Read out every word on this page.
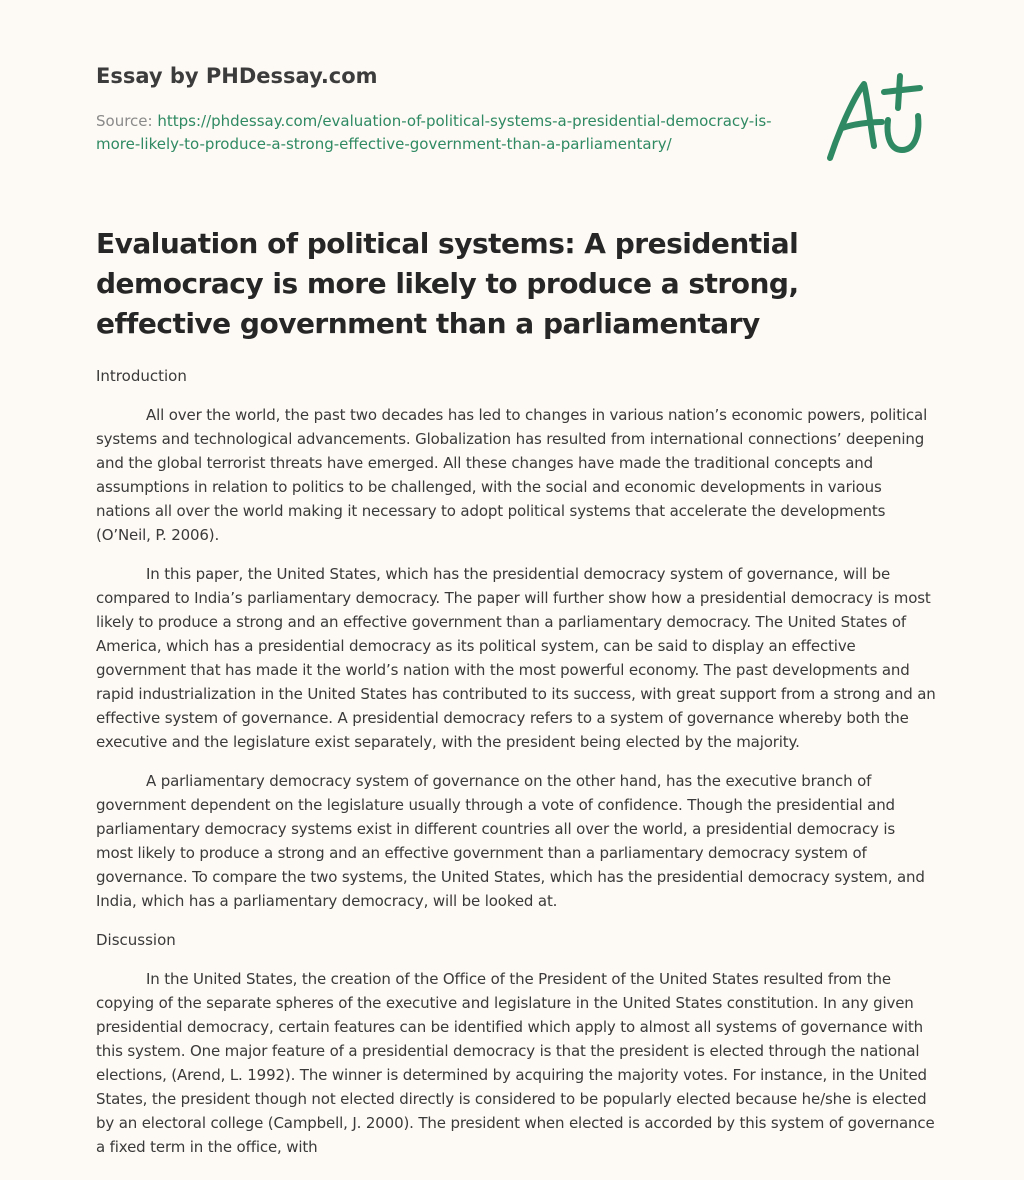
Essay by PHDessay.com
Source: https://phdessay.com/evaluation-of-political-systems-a-presidential-democracy-is-more-likely-to-produce-a-strong-effective-government-than-a-parliamentary/
Evaluation of political systems: A presidential democracy is more likely to produce a strong, effective government than a parliamentary
Introduction

All over the world, the past two decades has led to changes in various nation’s economic powers, political systems and technological advancements. Globalization has resulted from international connections’ deepening and the global terrorist threats have emerged. All these changes have made the traditional concepts and assumptions in relation to politics to be challenged, with the social and economic developments in various nations all over the world making it necessary to adopt political systems that accelerate the developments (O’Neil, P. 2006).

In this paper, the United States, which has the presidential democracy system of governance, will be compared to India’s parliamentary democracy. The paper will further show how a presidential democracy is most likely to produce a strong and an effective government than a parliamentary democracy. The United States of America, which has a presidential democracy as its political system, can be said to display an effective government that has made it the world’s nation with the most powerful economy. The past developments and rapid industrialization in the United States has contributed to its success, with great support from a strong and an effective system of governance. A presidential democracy refers to a system of governance whereby both the executive and the legislature exist separately, with the president being elected by the majority.

A parliamentary democracy system of governance on the other hand, has the executive branch of government dependent on the legislature usually through a vote of confidence. Though the presidential and parliamentary democracy systems exist in different countries all over the world, a presidential democracy is most likely to produce a strong and an effective government than a parliamentary democracy system of governance. To compare the two systems, the United States, which has the presidential democracy system, and India, which has a parliamentary democracy, will be looked at.

Discussion

In the United States, the creation of the Office of the President of the United States resulted from the copying of the separate spheres of the executive and legislature in the United States constitution. In any given presidential democracy, certain features can be identified which apply to almost all systems of governance with this system. One major feature of a presidential democracy is that the president is elected through the national elections, (Arend, L. 1992). The winner is determined by acquiring the majority votes. For instance, in the United States, the president though not elected directly is considered to be popularly elected because he/she is elected by an electoral college (Campbell, J. 2000). The president when elected is accorded by this system of governance a fixed term in the office, with
